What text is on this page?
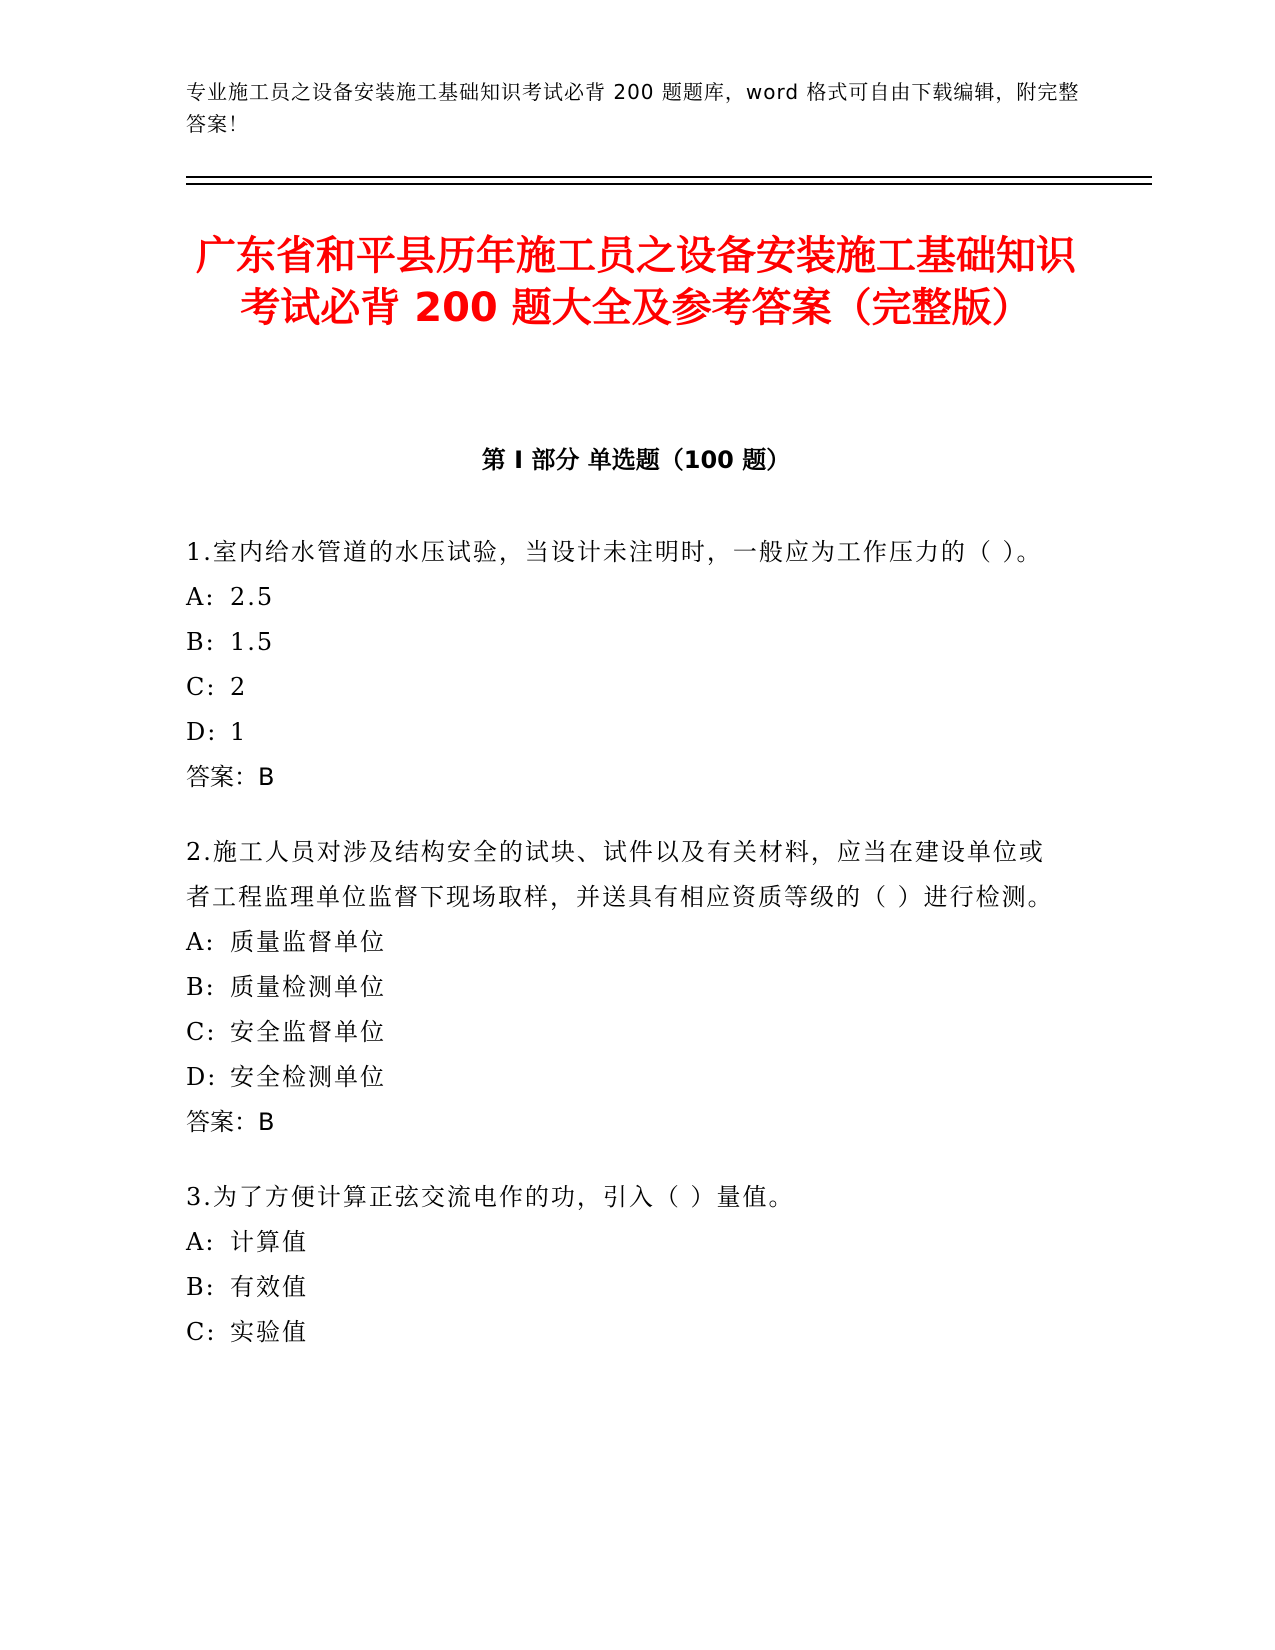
专业施工员之设备安装施工基础知识考试必背 200 题题库，word 格式可自由下载编辑，附完整答案！
广东省和平县历年施工员之设备安装施工基础知识考试必背 200 题大全及参考答案（完整版）
第 I 部分 单选题（100 题）
1.室内给水管道的水压试验，当设计未注明时，一般应为工作压力的（ ）。
A: 2.5
B: 1.5
C: 2
D: 1
答案：B
2.施工人员对涉及结构安全的试块、试件以及有关材料，应当在建设单位或者工程监理单位监督下现场取样，并送具有相应资质等级的（ ）进行检测。
A: 质量监督单位
B: 质量检测单位
C: 安全监督单位
D: 安全检测单位
答案：B
3.为了方便计算正弦交流电作的功，引入（ ）量值。
A: 计算值
B: 有效值
C: 实验值
